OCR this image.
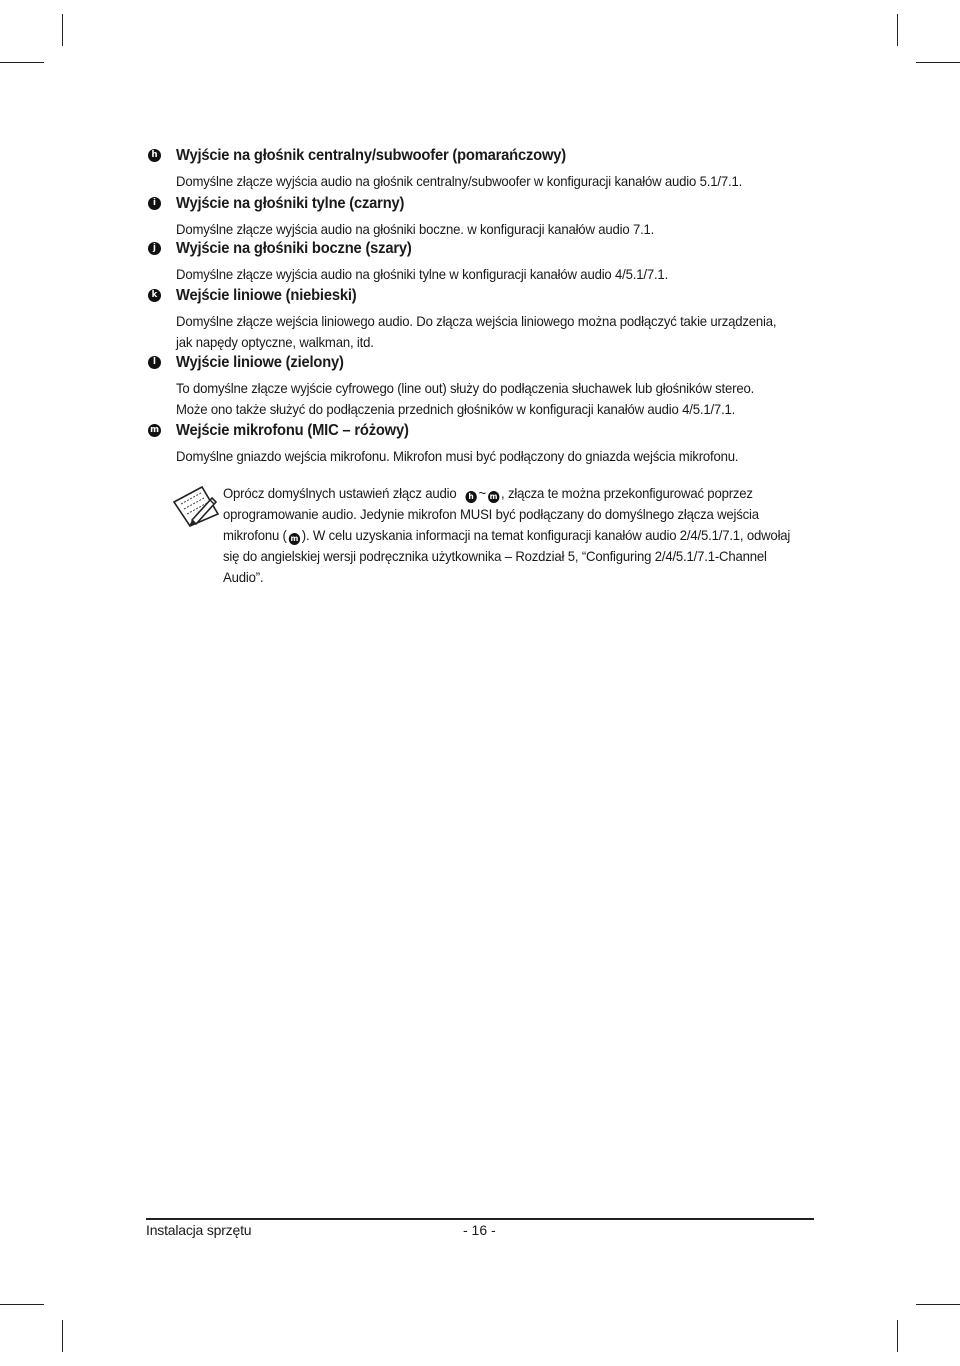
h Wyjście na głośnik centralny/subwoofer (pomarańczowy)
Domyślne złącze wyjścia audio na głośnik centralny/subwoofer w konfiguracji kanałów audio 5.1/7.1.
i	Wyjście na głośniki tylne (czarny)
Domyślne złącze wyjścia audio na głośniki boczne. w konfiguracji kanałów audio 7.1.
j	Wyjście na głośniki boczne (szary)
Domyślne złącze wyjścia audio na głośniki tylne w konfiguracji kanałów audio 4/5.1/7.1.
k Wejście liniowe (niebieski)
Domyślne złącze wejścia liniowego audio. Do złącza wejścia liniowego można podłączyć takie urządzenia, jak napędy optyczne, walkman, itd.
l	Wyjście liniowe (zielony)
To domyślne złącze wyjście cyfrowego (line out) służy do podłączenia słuchawek lub głośników stereo. Może ono także służyć do podłączenia przednich głośników w konfiguracji kanałów audio 4/5.1/7.1.
m Wejście mikrofonu (MIC – różowy)
Domyślne gniazdo wejścia mikrofonu. Mikrofon musi być podłączony do gniazda wejścia mikrofonu.
Oprócz domyślnych ustawień złącz audio h ~ m , złącza te można przekonfigurować poprzez oprogramowanie audio. Jedynie mikrofon MUSI być podłączany do domyślnego złącza wejścia mikrofonu ( m ). W celu uzyskania informacji na temat konfiguracji kanałów audio 2/4/5.1/7.1, odwołaj się do angielskiej wersji podręcznika użytkownika – Rozdział 5, “Configuring 2/4/5.1/7.1-Channel Audio”.
Instalacja sprzętu	- 16 -
